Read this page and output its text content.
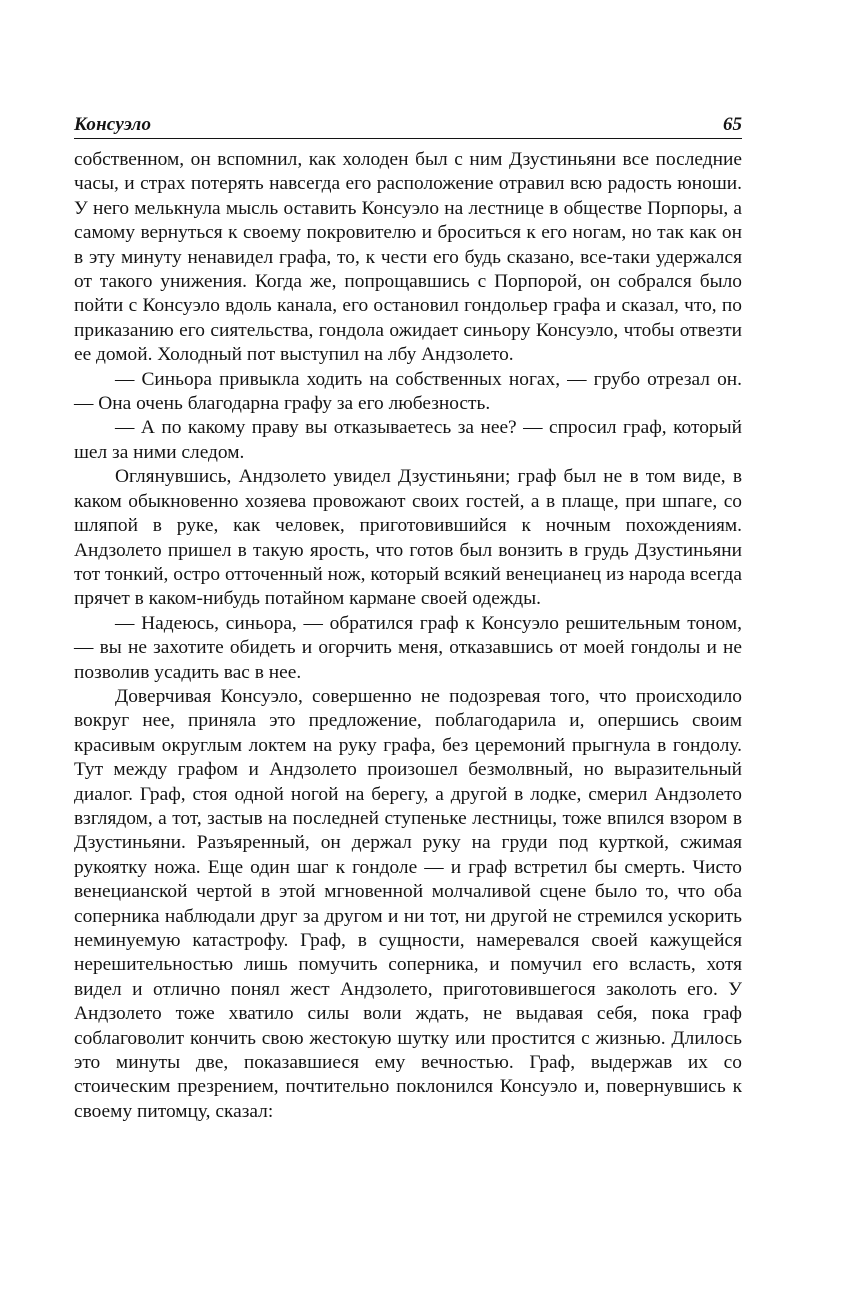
Консуэло	65

собственном, он вспомнил, как холоден был с ним Дзустиньяни все последние часы, и страх потерять навсегда его расположение отравил всю радость юноши. У него мелькнула мысль оставить Консуэло на лестнице в обществе Порпоры, а самому вернуться к своему покровителю и броситься к его ногам, но так как он в эту минуту ненавидел графа, то, к чести его будь сказано, все-таки удержался от такого унижения. Когда же, попрощавшись с Порпорой, он собрался было пойти с Консуэло вдоль канала, его остановил гондольер графа и сказал, что, по приказанию его сиятельства, гондола ожидает синьору Консуэло, чтобы отвезти ее домой. Холодный пот выступил на лбу Андзолето.

— Синьора привыкла ходить на собственных ногах, — грубо отрезал он. — Она очень благодарна графу за его любезность.

— А по какому праву вы отказываетесь за нее? — спросил граф, который шел за ними следом.

Оглянувшись, Андзолето увидел Дзустиньяни; граф был не в том виде, в каком обыкновенно хозяева провожают своих гостей, а в плаще, при шпаге, со шляпой в руке, как человек, приготовившийся к ночным похождениям. Андзолето пришел в такую ярость, что готов был вонзить в грудь Дзустиньяни тот тонкий, остро отточенный нож, который всякий венецианец из народа всегда прячет в каком-нибудь потайном кармане своей одежды.

— Надеюсь, синьора, — обратился граф к Консуэло решительным тоном, — вы не захотите обидеть и огорчить меня, отказавшись от моей гондолы и не позволив усадить вас в нее.

Доверчивая Консуэло, совершенно не подозревая того, что происходило вокруг нее, приняла это предложение, поблагодарила и, опершись своим красивым округлым локтем на руку графа, без церемоний прыгнула в гондолу. Тут между графом и Андзолето произошел безмолвный, но выразительный диалог. Граф, стоя одной ногой на берегу, а другой в лодке, смерил Андзолето взглядом, а тот, застыв на последней ступеньке лестницы, тоже впился взором в Дзустиньяни. Разъяренный, он держал руку на груди под курткой, сжимая рукоятку ножа. Еще один шаг к гондоле — и граф встретил бы смерть. Чисто венецианской чертой в этой мгновенной молчаливой сцене было то, что оба соперника наблюдали друг за другом и ни тот, ни другой не стремился ускорить неминуемую катастрофу. Граф, в сущности, намеревался своей кажущейся нерешительностью лишь помучить соперника, и помучил его всласть, хотя видел и отлично понял жест Андзолето, приготовившегося заколоть его. У Андзолето тоже хватило силы воли ждать, не выдавая себя, пока граф соблаговолит кончить свою жестокую шутку или простится с жизнью. Длилось это минуты две, показавшиеся ему вечностью. Граф, выдержав их со стоическим презрением, почтительно поклонился Консуэло и, повернувшись к своему питомцу, сказал:
